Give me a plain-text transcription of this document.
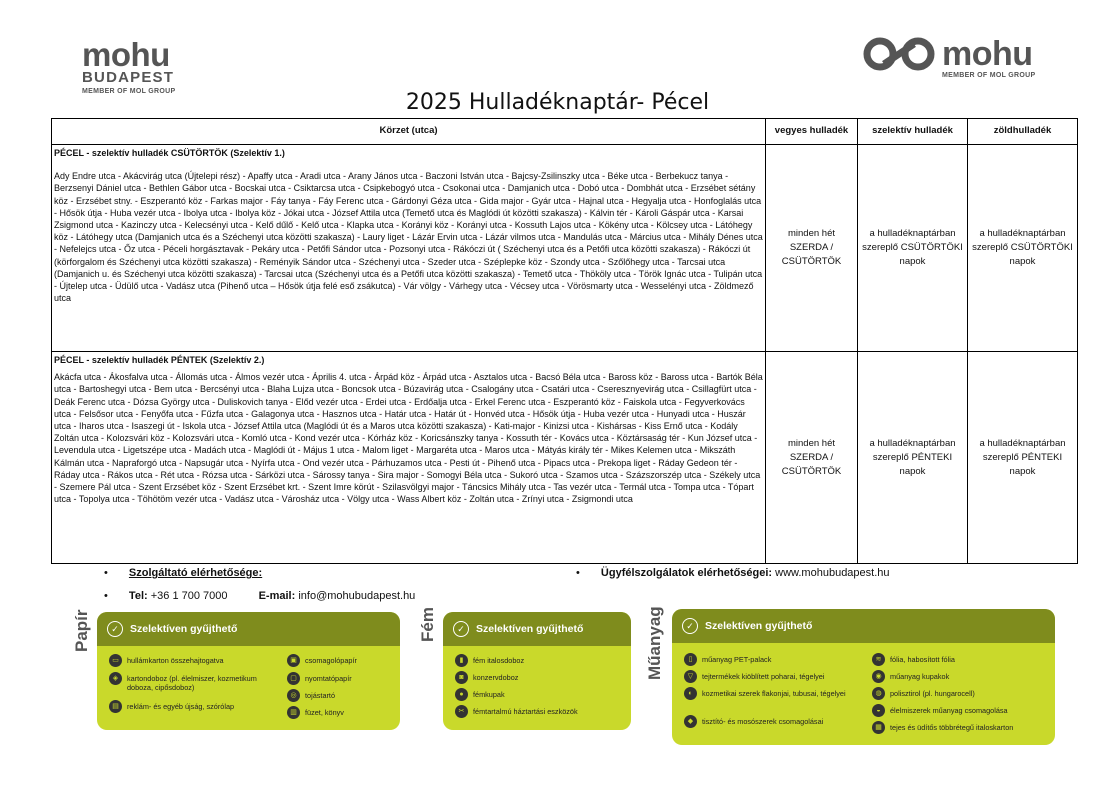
mohu
BUDAPEST
MEMBER OF MOL GROUP
mohu
MEMBER OF MOL GROUP
2025 Hulladéknaptár- Pécel
Körzet (utca)	vegyes hulladék	szelektív hulladék	zöldhulladék

PÉCEL - szelektív hulladék CSÜTÖRTÖK (Szelektív 1.)
Ady Endre utca - Akácvirág utca (Újtelepi rész) - Apaffy utca - Aradi utca - Arany János utca - Baczoni István utca - Bajcsy-Zsilinszky utca - Béke utca - Berbekucz tanya - Berzsenyi Dániel utca - Bethlen Gábor utca - Bocskai utca - Csiktarcsa utca - Csipkebogyó utca - Csokonai utca - Damjanich utca - Dobó utca - Dombhát utca - Erzsébet sétány köz - Erzsébet stny. - Eszperantó köz - Farkas major - Fáy tanya - Fáy Ferenc utca - Gárdonyi Géza utca - Gida major - Gyár utca - Hajnal utca - Hegyalja utca - Honfoglalás utca - Hősök útja - Huba vezér utca - Ibolya utca - Ibolya köz - Jókai utca - József Attila utca (Temető utca és Maglódi út közötti szakasza) - Kálvin tér - Károli Gáspár utca - Karsai Zsigmond utca - Kazinczy utca - Kelecsényi utca - Kelő dűlő - Kelő utca - Klapka utca - Korányi köz - Korányi utca - Kossuth Lajos utca - Kökény utca - Kölcsey utca - Látóhegy köz - Látóhegy utca (Damjanich utca és a Széchenyi utca közötti szakasza) - Laury liget - Lázár Ervin utca - Lázár vilmos utca - Mandulás utca - Március utca - Mihály Dénes utca - Nefelejcs utca - Őz utca - Péceli horgásztavak - Pekáry utca - Petőfi Sándor utca - Pozsonyi utca - Rákóczi út ( Széchenyi utca és a Petőfi utca közötti szakasza) - Rákóczi út (körforgalom és Széchenyi utca közötti szakasza) - Reményik Sándor utca - Széchenyi utca - Szeder utca - Széplepke köz - Szondy utca - Szőlőhegy utca - Tarcsai utca (Damjanich u. és Széchenyi utca közötti szakasza) - Tarcsai utca (Széchenyi utca és a Petőfi utca közötti szakasza) - Temető utca - Thököly utca - Török Ignác utca - Tulipán utca - Újtelep utca - Üdülő utca - Vadász utca (Pihenő utca – Hősök útja felé eső zsákutca) - Vár völgy - Várhegy utca - Vécsey utca - Vörösmarty utca - Wesselényi utca - Zöldmező utca	minden hét SZERDA / CSÜTÖRTÖK	a hulladéknaptárban szereplő CSÜTÖRTÖKI napok	a hulladéknaptárban szereplő CSÜTÖRTÖKI napok

PÉCEL - szelektív hulladék PÉNTEK (Szelektív 2.)
Akácfa utca - Ákosfalva utca - Állomás utca - Álmos vezér utca - Április 4. utca - Árpád köz - Árpád utca - Asztalos utca - Bacsó Béla utca - Baross köz - Baross utca - Bartók Béla utca - Bartoshegyi utca - Bem utca - Bercsényi utca - Blaha Lujza utca - Boncsok utca - Búzavirág utca - Csalogány utca - Csatári utca - Cseresznyevirág utca - Csillagfürt utca - Deák Ferenc utca - Dózsa György utca - Duliskovich tanya - Előd vezér utca - Erdei utca - Erdőalja utca - Erkel Ferenc utca - Eszperantó köz - Faiskola utca - Fegyverkovács utca - Felsősor utca - Fenyőfa utca - Fűzfa utca - Galagonya utca - Hasznos utca - Határ utca - Határ út - Honvéd utca - Hősök útja - Huba vezér utca - Hunyadi utca - Huszár utca - Iharos utca - Isaszegi út - Iskola utca - József Attila utca (Maglódi út és a Maros utca közötti szakasza) - Kati-major - Kinizsi utca - Kishársas - Kiss Ernő utca - Kodály Zoltán utca - Kolozsvári köz - Kolozsvári utca - Komló utca - Kond vezér utca - Kórház köz - Koricsánszky tanya - Kossuth tér - Kovács utca - Köztársaság tér - Kun József utca - Levendula utca - Ligetszépe utca - Madách utca - Maglódi út - Május 1 utca - Malom liget - Margaréta utca - Maros utca - Mátyás király tér - Mikes Kelemen utca - Mikszáth Kálmán utca - Napraforgó utca - Napsugár utca - Nyírfa utca - Ond vezér utca - Párhuzamos utca - Pesti út - Pihenő utca - Pipacs utca - Prekopa liget - Ráday Gedeon tér - Ráday utca - Rákos utca - Rét utca - Rózsa utca - Sárközi utca - Sárossy tanya - Sira major - Somogyi Béla utca - Sukoró utca - Szamos utca - Százszorszép utca - Székely utca - Szemere Pál utca - Szent Erzsébet köz - Szent Erzsébet krt. - Szent Imre körút - Szilasvölgyi major - Táncsics Mihály utca - Tas vezér utca - Termál utca - Tompa utca - Tópart utca - Topolya utca - Töhötöm vezér utca - Vadász utca - Városház utca - Völgy utca - Wass Albert köz - Zoltán utca - Zrínyi utca - Zsigmondi utca	minden hét SZERDA / CSÜTÖRTÖK	a hulladéknaptárban szereplő PÉNTEKI napok	a hulladéknaptárban szereplő PÉNTEKI napok
• Szolgáltató elérhetősége:
• Tel: +36 1 700 7000	E-mail: info@mohubudapest.hu
• Ügyfélszolgálatok elérhetőségei: www.mohubudapest.hu
Papír	✓	Szelektíven gyűjthető
▭	hullámkarton összehajtogatva
◈	kartondoboz (pl. élelmiszer, kozmetikum doboza, cipősdoboz)
▤	reklám- és egyéb újság, szórólap
▣	csomagolópapír
▢	nyomtatópapír
◎	tojástartó
▥	füzet, könyv
Fém	✓	Szelektíven gyűjthető
▮	fém italosdoboz
◙	konzervdoboz
●	fémkupak
✂	fémtartalmú háztartási eszközök
Műanyag	✓	Szelektíven gyűjthető
▯	műanyag PET-palack
▽	tejtermékek kiöblített poharai, tégelyei
◐	kozmetikai szerek flakonjai, tubusai, tégelyei
◆	tisztító- és mosószerek csomagolásai
≋	fólia, habosított fólia
◉	műanyag kupakok
◍	polisztirol (pl. hungarocell)
◒	élelmiszerek műanyag csomagolása
▦	tejes és üdítős többrétegű italoskarton
